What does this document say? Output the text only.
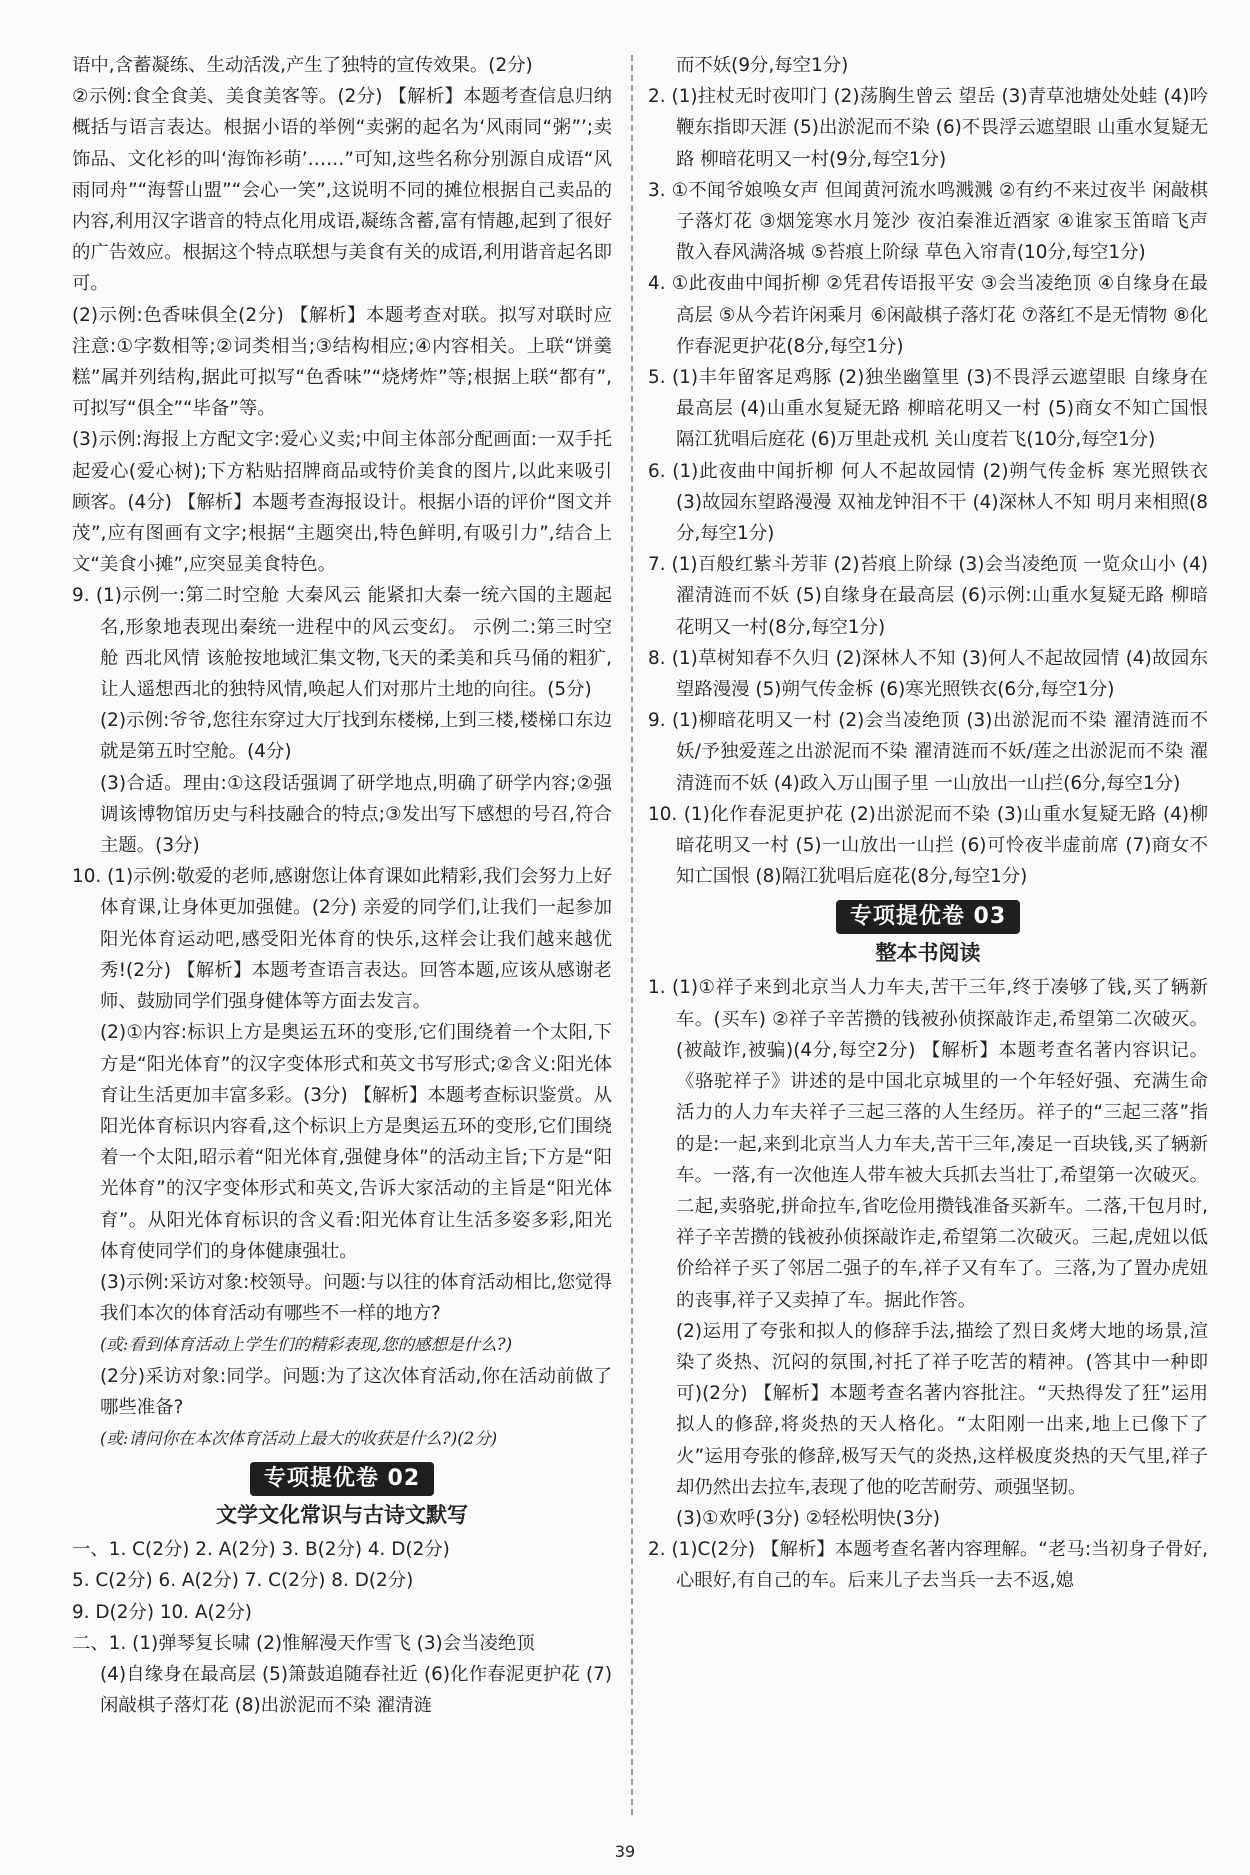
语中,含蓄凝练、生动活泼,产生了独特的宣传效果。(2分)

②示例:食全食美、美食美客等。(2分) 【解析】本题考查信息归纳概括与语言表达。根据小语的举例“卖粥的起名为‘风雨同“粥”’;卖饰品、文化衫的叫‘海饰衫萌’……”可知,这些名称分别源自成语“风雨同舟”“海誓山盟”“会心一笑”,这说明不同的摊位根据自己卖品的内容,利用汉字谐音的特点化用成语,凝练含蓄,富有情趣,起到了很好的广告效应。根据这个特点联想与美食有关的成语,利用谐音起名即可。

(2)示例:色香味俱全(2分) 【解析】本题考查对联。拟写对联时应注意:①字数相等;②词类相当;③结构相应;④内容相关。上联“饼羹糕”属并列结构,据此可拟写“色香味”“烧烤炸”等;根据上联“都有”,可拟写“俱全”“毕备”等。

(3)示例:海报上方配文字:爱心义卖;中间主体部分配画面:一双手托起爱心(爱心树);下方粘贴招牌商品或特价美食的图片,以此来吸引顾客。(4分) 【解析】本题考查海报设计。根据小语的评价“图文并茂”,应有图画有文字;根据“主题突出,特色鲜明,有吸引力”,结合上文“美食小摊”,应突显美食特色。

9. (1)示例一:第二时空舱 大秦风云 能紧扣大秦一统六国的主题起名,形象地表现出秦统一进程中的风云变幻。 示例二:第三时空舱 西北风情 该舱按地域汇集文物,飞天的柔美和兵马俑的粗犷,让人遥想西北的独特风情,唤起人们对那片土地的向往。(5分)

(2)示例:爷爷,您往东穿过大厅找到东楼梯,上到三楼,楼梯口东边就是第五时空舱。(4分)

(3)合适。理由:①这段话强调了研学地点,明确了研学内容;②强调该博物馆历史与科技融合的特点;③发出写下感想的号召,符合主题。(3分)

10. (1)示例:敬爱的老师,感谢您让体育课如此精彩,我们会努力上好体育课,让身体更加强健。(2分) 亲爱的同学们,让我们一起参加阳光体育运动吧,感受阳光体育的快乐,这样会让我们越来越优秀!(2分) 【解析】本题考查语言表达。回答本题,应该从感谢老师、鼓励同学们强身健体等方面去发言。

(2)①内容:标识上方是奥运五环的变形,它们围绕着一个太阳,下方是“阳光体育”的汉字变体形式和英文书写形式;②含义:阳光体育让生活更加丰富多彩。(3分) 【解析】本题考查标识鉴赏。从阳光体育标识内容看,这个标识上方是奥运五环的变形,它们围绕着一个太阳,昭示着“阳光体育,强健身体”的活动主旨;下方是“阳光体育”的汉字变体形式和英文,告诉大家活动的主旨是“阳光体育”。从阳光体育标识的含义看:阳光体育让生活多姿多彩,阳光体育使同学们的身体健康强壮。

(3)示例:采访对象:校领导。问题:与以往的体育活动相比,您觉得我们本次的体育活动有哪些不一样的地方?

(或:看到体育活动上学生们的精彩表现,您的感想是什么?)

(2分)采访对象:同学。问题:为了这次体育活动,你在活动前做了哪些准备?

(或:请问你在本次体育活动上最大的收获是什么?)(2分)

专项提优卷 02
文学文化常识与古诗文默写

一、1. C(2分) 2. A(2分) 3. B(2分) 4. D(2分)

5. C(2分) 6. A(2分) 7. C(2分) 8. D(2分)

9. D(2分) 10. A(2分)

二、1. (1)弹琴复长啸 (2)惟解漫天作雪飞 (3)会当凌绝顶

(4)自缘身在最高层 (5)箫鼓追随春社近 (6)化作春泥更护花 (7)闲敲棋子落灯花 (8)出淤泥而不染 濯清涟

而不妖(9分,每空1分)

2. (1)拄杖无时夜叩门 (2)荡胸生曾云 望岳 (3)青草池塘处处蛙 (4)吟鞭东指即天涯 (5)出淤泥而不染 (6)不畏浮云遮望眼 山重水复疑无路 柳暗花明又一村(9分,每空1分)

3. ①不闻爷娘唤女声 但闻黄河流水鸣溅溅 ②有约不来过夜半 闲敲棋子落灯花 ③烟笼寒水月笼沙 夜泊秦淮近酒家 ④谁家玉笛暗飞声 散入春风满洛城 ⑤苔痕上阶绿 草色入帘青(10分,每空1分)

4. ①此夜曲中闻折柳 ②凭君传语报平安 ③会当凌绝顶 ④自缘身在最高层 ⑤从今若许闲乘月 ⑥闲敲棋子落灯花 ⑦落红不是无情物 ⑧化作春泥更护花(8分,每空1分)

5. (1)丰年留客足鸡豚 (2)独坐幽篁里 (3)不畏浮云遮望眼 自缘身在最高层 (4)山重水复疑无路 柳暗花明又一村 (5)商女不知亡国恨 隔江犹唱后庭花 (6)万里赴戎机 关山度若飞(10分,每空1分)

6. (1)此夜曲中闻折柳 何人不起故园情 (2)朔气传金柝 寒光照铁衣 (3)故园东望路漫漫 双袖龙钟泪不干 (4)深林人不知 明月来相照(8分,每空1分)

7. (1)百般红紫斗芳菲 (2)苔痕上阶绿 (3)会当凌绝顶 一览众山小 (4)濯清涟而不妖 (5)自缘身在最高层 (6)示例:山重水复疑无路 柳暗花明又一村(8分,每空1分)

8. (1)草树知春不久归 (2)深林人不知 (3)何人不起故园情 (4)故园东望路漫漫 (5)朔气传金柝 (6)寒光照铁衣(6分,每空1分)

9. (1)柳暗花明又一村 (2)会当凌绝顶 (3)出淤泥而不染 濯清涟而不妖/予独爱莲之出淤泥而不染 濯清涟而不妖/莲之出淤泥而不染 濯清涟而不妖 (4)政入万山围子里 一山放出一山拦(6分,每空1分)

10. (1)化作春泥更护花 (2)出淤泥而不染 (3)山重水复疑无路 (4)柳暗花明又一村 (5)一山放出一山拦 (6)可怜夜半虚前席 (7)商女不知亡国恨 (8)隔江犹唱后庭花(8分,每空1分)

专项提优卷 03
整本书阅读

1. (1)①祥子来到北京当人力车夫,苦干三年,终于凑够了钱,买了辆新车。(买车) ②祥子辛苦攒的钱被孙侦探敲诈走,希望第二次破灭。(被敲诈,被骗)(4分,每空2分) 【解析】本题考查名著内容识记。《骆驼祥子》讲述的是中国北京城里的一个年轻好强、充满生命活力的人力车夫祥子三起三落的人生经历。祥子的“三起三落”指的是:一起,来到北京当人力车夫,苦干三年,凑足一百块钱,买了辆新车。一落,有一次他连人带车被大兵抓去当壮丁,希望第一次破灭。二起,卖骆驼,拼命拉车,省吃俭用攒钱准备买新车。二落,干包月时,祥子辛苦攒的钱被孙侦探敲诈走,希望第二次破灭。三起,虎妞以低价给祥子买了邻居二强子的车,祥子又有车了。三落,为了置办虎妞的丧事,祥子又卖掉了车。据此作答。

(2)运用了夸张和拟人的修辞手法,描绘了烈日炙烤大地的场景,渲染了炎热、沉闷的氛围,衬托了祥子吃苦的精神。(答其中一种即可)(2分) 【解析】本题考查名著内容批注。“天热得发了狂”运用拟人的修辞,将炎热的天人格化。“太阳刚一出来,地上已像下了火”运用夸张的修辞,极写天气的炎热,这样极度炎热的天气里,祥子却仍然出去拉车,表现了他的吃苦耐劳、顽强坚韧。

(3)①欢呼(3分) ②轻松明快(3分)

2. (1)C(2分) 【解析】本题考查名著内容理解。“老马:当初身子骨好,心眼好,有自己的车。后来儿子去当兵一去不返,媳

39
